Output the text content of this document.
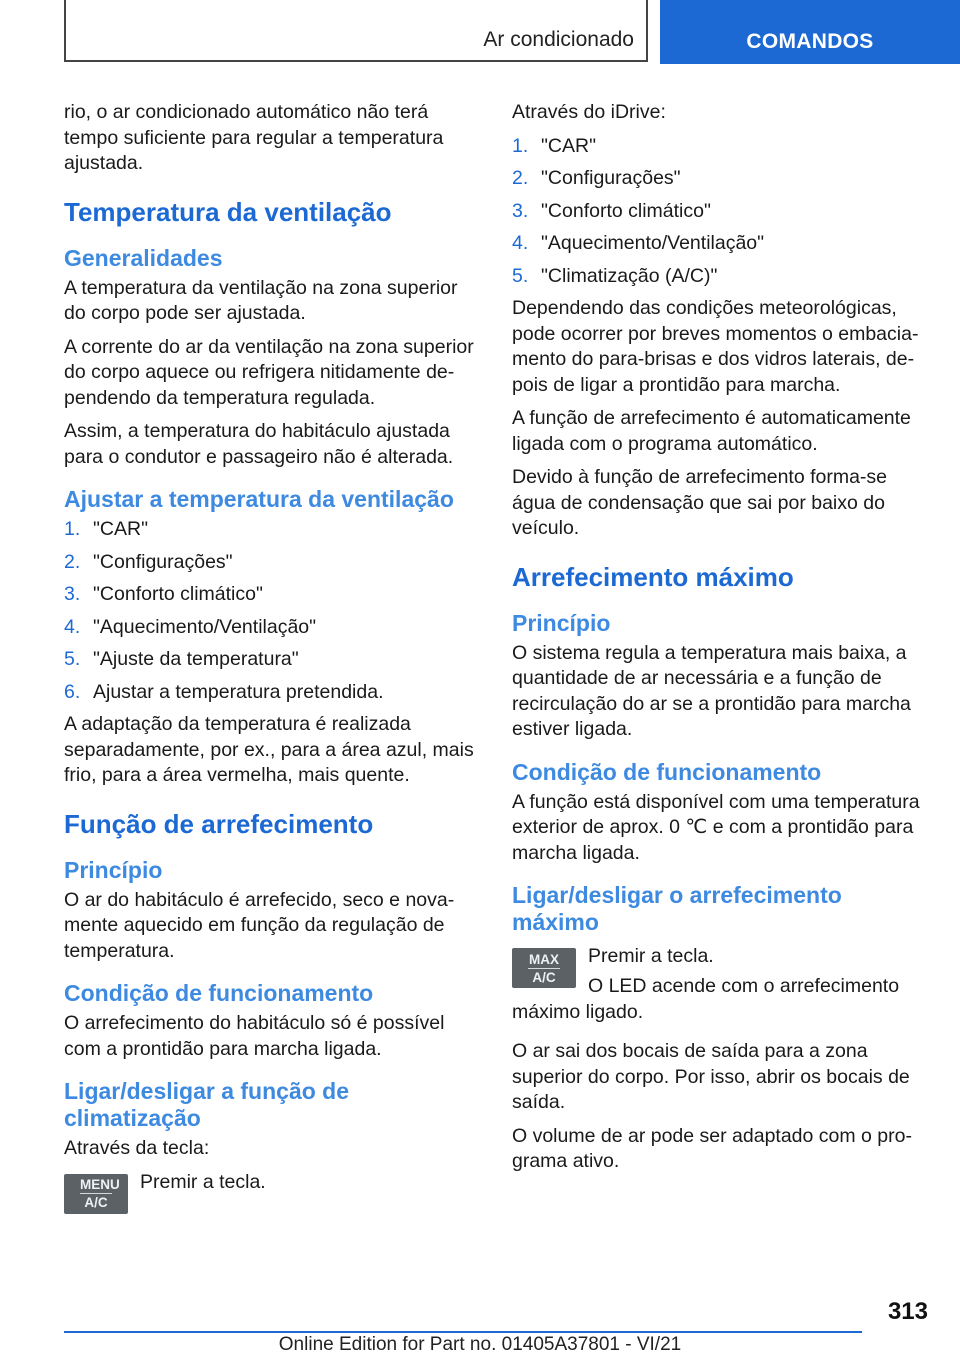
Ar condicionado	COMANDOS

rio, o ar condicionado automático não terá tempo suficiente para regular a temperatura ajustada.

Temperatura da ventilação
Generalidades

A temperatura da ventilação na zona superior do corpo pode ser ajustada.

A corrente do ar da ventilação na zona superior do corpo aquece ou refrigera nitidamente dependendo da temperatura regulada.

Assim, a temperatura do habitáculo ajustada para o condutor e passageiro não é alterada.

Ajustar a temperatura da ventilação
1. "CAR"
2. "Configurações"
3. "Conforto climático"
4. "Aquecimento/Ventilação"
5. "Ajuste da temperatura"
6. Ajustar a temperatura pretendida.

A adaptação da temperatura é realizada separadamente, por ex., para a área azul, mais frio, para a área vermelha, mais quente.

Função de arrefecimento
Princípio

O ar do habitáculo é arrefecido, seco e novamente aquecido em função da regulação de temperatura.

Condição de funcionamento

O arrefecimento do habitáculo só é possível com a prontidão para marcha ligada.

Ligar/desligar a função de climatização

Através da tecla:

MENU
A/C

Premir a tecla.

Através do iDrive:

1. "CAR"
2. "Configurações"
3. "Conforto climático"
4. "Aquecimento/Ventilação"
5. "Climatização (A/C)"

Dependendo das condições meteorológicas, pode ocorrer por breves momentos o embaciamento do para-brisas e dos vidros laterais, depois de ligar a prontidão para marcha.

A função de arrefecimento é automaticamente ligada com o programa automático.

Devido à função de arrefecimento forma-se água de condensação que sai por baixo do veículo.

Arrefecimento máximo
Princípio

O sistema regula a temperatura mais baixa, a quantidade de ar necessária e a função de recirculação do ar se a prontidão para marcha estiver ligada.

Condição de funcionamento

A função está disponível com uma temperatura exterior de aprox. 0 ℃ e com a prontidão para marcha ligada.

Ligar/desligar o arrefecimento máximo
MAX
A/C

Premir a tecla.

O LED acende com o arrefecimento máximo ligado.

O ar sai dos bocais de saída para a zona superior do corpo. Por isso, abrir os bocais de saída.

O volume de ar pode ser adaptado com o programa ativo.

313
Online Edition for Part no. 01405A37801 - VI/21
